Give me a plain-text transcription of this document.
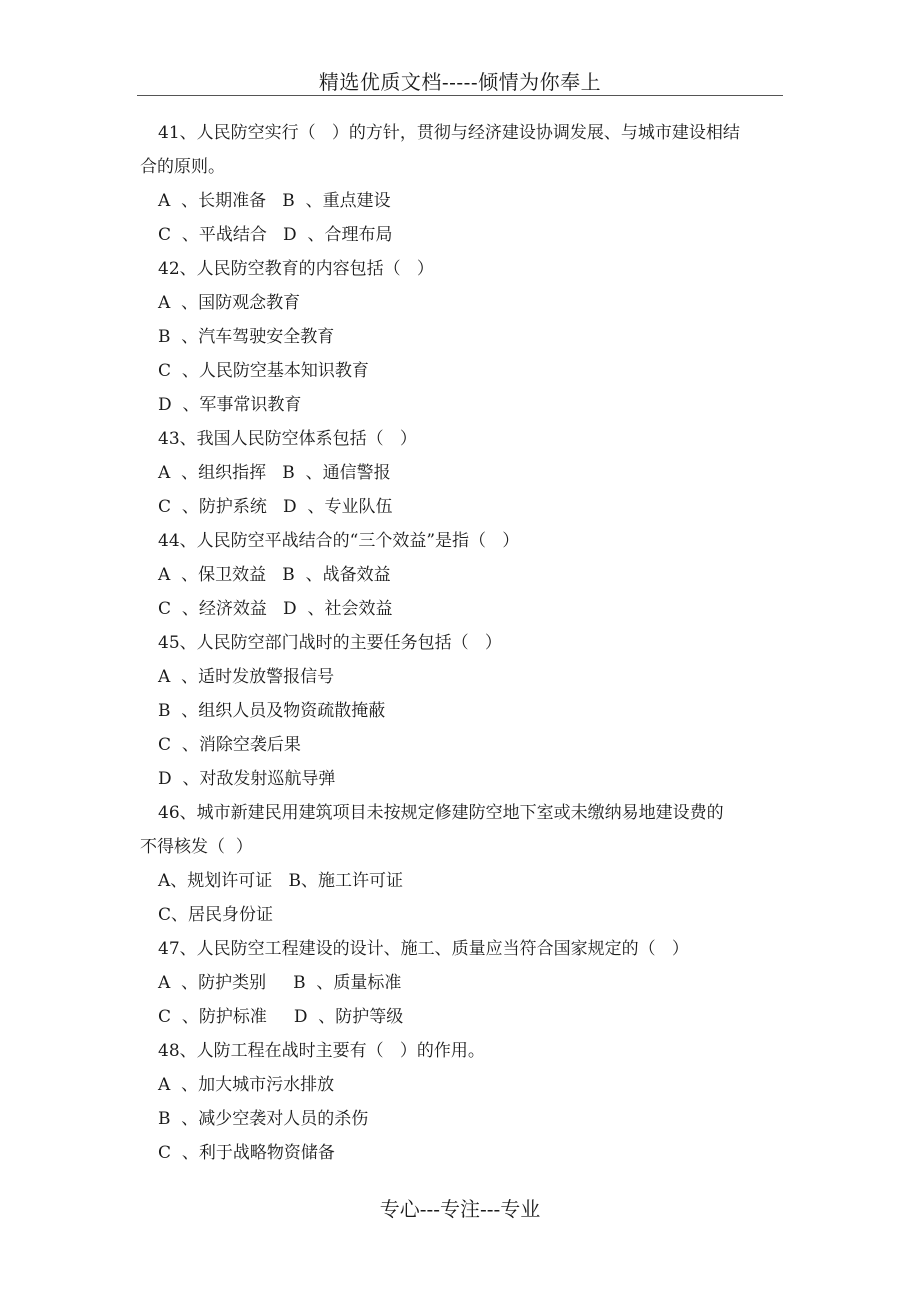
精选优质文档-----倾情为你奉上
41、人民防空实行（   ）的方针，贯彻与经济建设协调发展、与城市建设相结
合的原则。
A  、长期准备   B  、重点建设
C  、平战结合   D  、合理布局
42、人民防空教育的内容包括（   ）
A  、国防观念教育
B  、汽车驾驶安全教育
C  、人民防空基本知识教育
D  、军事常识教育
43、我国人民防空体系包括（   ）
A  、组织指挥   B  、通信警报
C  、防护系统   D  、专业队伍
44、人民防空平战结合的“三个效益”是指（   ）
A  、保卫效益   B  、战备效益
C  、经济效益   D  、社会效益
45、人民防空部门战时的主要任务包括（   ）
A  、适时发放警报信号
B  、组织人员及物资疏散掩蔽
C  、消除空袭后果
D  、对敌发射巡航导弹
46、城市新建民用建筑项目未按规定修建防空地下室或未缴纳易地建设费的
不得核发（  ）
A、规划许可证   B、施工许可证
C、居民身份证
47、人民防空工程建设的设计、施工、质量应当符合国家规定的（   ）
A  、防护类别     B  、质量标准
C  、防护标准     D  、防护等级
48、人防工程在战时主要有（   ）的作用。
A  、加大城市污水排放
B  、减少空袭对人员的杀伤
C  、利于战略物资储备
专心---专注---专业
